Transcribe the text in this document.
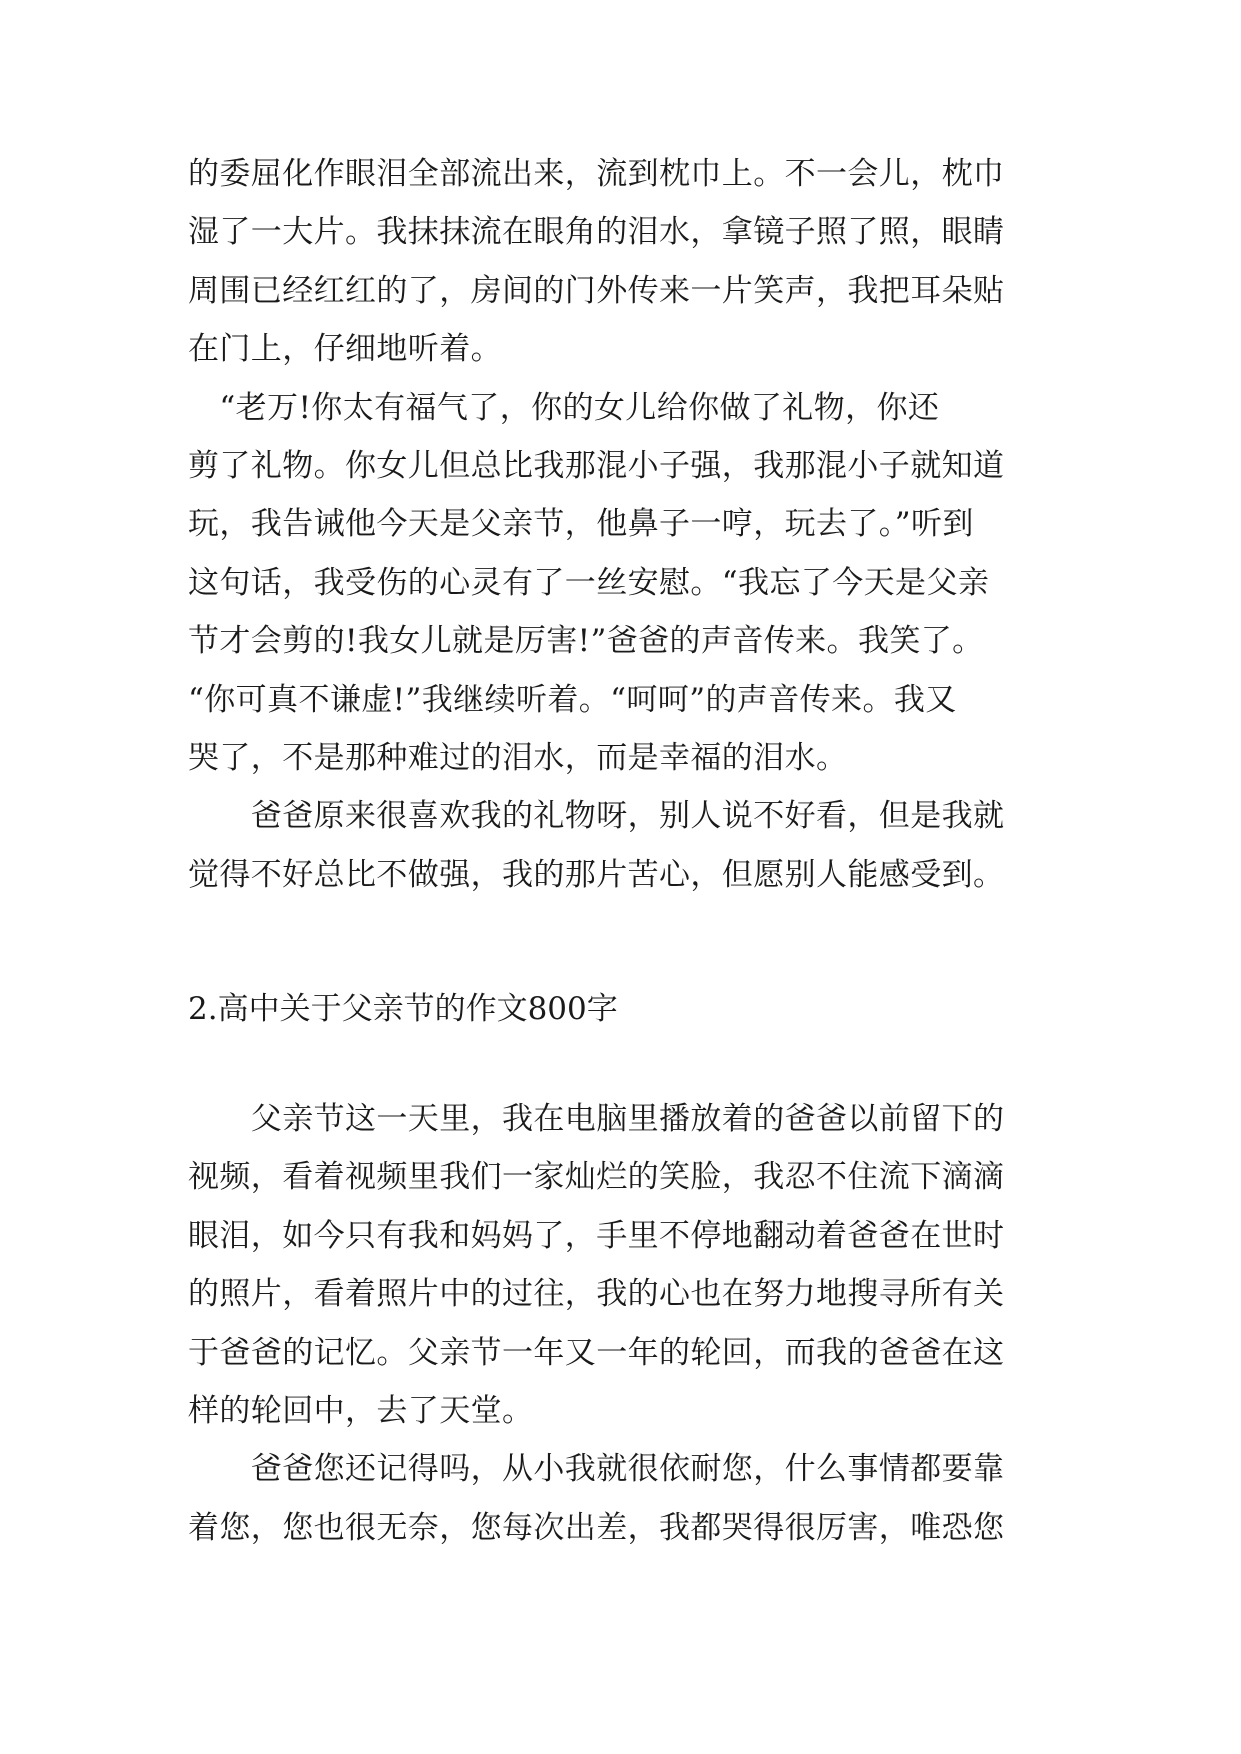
的委屈化作眼泪全部流出来，流到枕巾上。不一会儿，枕巾
湿了一大片。我抹抹流在眼角的泪水，拿镜子照了照，眼睛
周围已经红红的了，房间的门外传来一片笑声，我把耳朵贴
在门上，仔细地听着。
　“老万!你太有福气了，你的女儿给你做了礼物，你还
剪了礼物。你女儿但总比我那混小子强，我那混小子就知道
玩，我告诫他今天是父亲节，他鼻子一哼，玩去了。”听到
这句话，我受伤的心灵有了一丝安慰。“我忘了今天是父亲
节才会剪的!我女儿就是厉害!”爸爸的声音传来。我笑了。
“你可真不谦虚!”我继续听着。“呵呵”的声音传来。我又
哭了，不是那种难过的泪水，而是幸福的泪水。
　　爸爸原来很喜欢我的礼物呀，别人说不好看，但是我就
觉得不好总比不做强，我的那片苦心，但愿别人能感受到。
2.高中关于父亲节的作文800字
　　父亲节这一天里，我在电脑里播放着的爸爸以前留下的
视频，看着视频里我们一家灿烂的笑脸，我忍不住流下滴滴
眼泪，如今只有我和妈妈了，手里不停地翻动着爸爸在世时
的照片，看着照片中的过往，我的心也在努力地搜寻所有关
于爸爸的记忆。父亲节一年又一年的轮回，而我的爸爸在这
样的轮回中，去了天堂。
　　爸爸您还记得吗，从小我就很依耐您，什么事情都要靠
着您，您也很无奈，您每次出差，我都哭得很厉害，唯恐您
